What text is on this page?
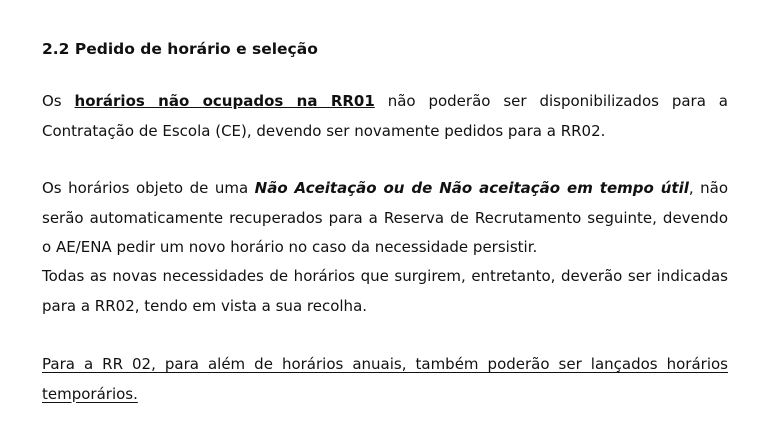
2.2 Pedido de horário e seleção
Os horários não ocupados na RR01 não poderão ser disponibilizados para a Contratação de Escola (CE), devendo ser novamente pedidos para a RR02.
Os horários objeto de uma Não Aceitação ou de Não aceitação em tempo útil, não serão automaticamente recuperados para a Reserva de Recrutamento seguinte, devendo o AE/ENA pedir um novo horário no caso da necessidade persistir.
Todas as novas necessidades de horários que surgirem, entretanto, deverão ser indicadas para a RR02, tendo em vista a sua recolha.
Para a RR 02, para além de horários anuais, também poderão ser lançados horários temporários.
